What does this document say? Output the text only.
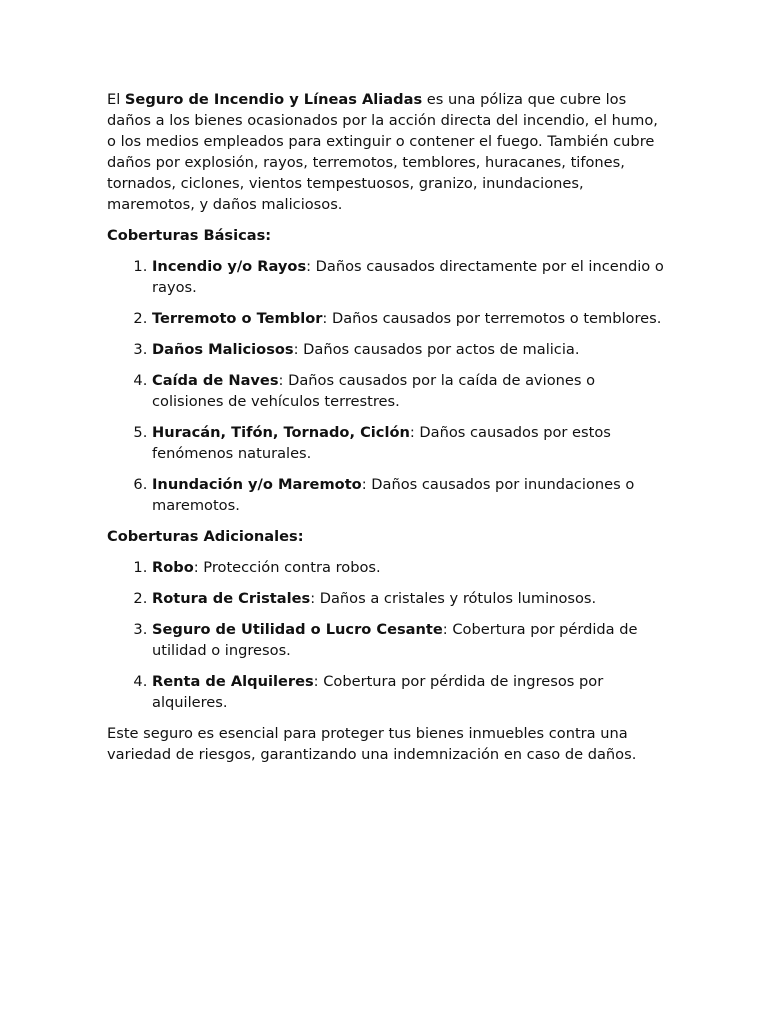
El Seguro de Incendio y Líneas Aliadas es una póliza que cubre los daños a los bienes ocasionados por la acción directa del incendio, el humo, o los medios empleados para extinguir o contener el fuego. También cubre daños por explosión, rayos, terremotos, temblores, huracanes, tifones, tornados, ciclones, vientos tempestuosos, granizo, inundaciones, maremotos, y daños maliciosos.

Coberturas Básicas:
1. Incendio y/o Rayos: Daños causados directamente por el incendio o rayos.
2. Terremoto o Temblor: Daños causados por terremotos o temblores.
3. Daños Maliciosos: Daños causados por actos de malicia.
4. Caída de Naves: Daños causados por la caída de aviones o colisiones de vehículos terrestres.
5. Huracán, Tifón, Tornado, Ciclón: Daños causados por estos fenómenos naturales.
6. Inundación y/o Maremoto: Daños causados por inundaciones o maremotos.
Coberturas Adicionales:
1. Robo: Protección contra robos.
2. Rotura de Cristales: Daños a cristales y rótulos luminosos.
3. Seguro de Utilidad o Lucro Cesante: Cobertura por pérdida de utilidad o ingresos.
4. Renta de Alquileres: Cobertura por pérdida de ingresos por alquileres.

Este seguro es esencial para proteger tus bienes inmuebles contra una variedad de riesgos, garantizando una indemnización en caso de daños.
